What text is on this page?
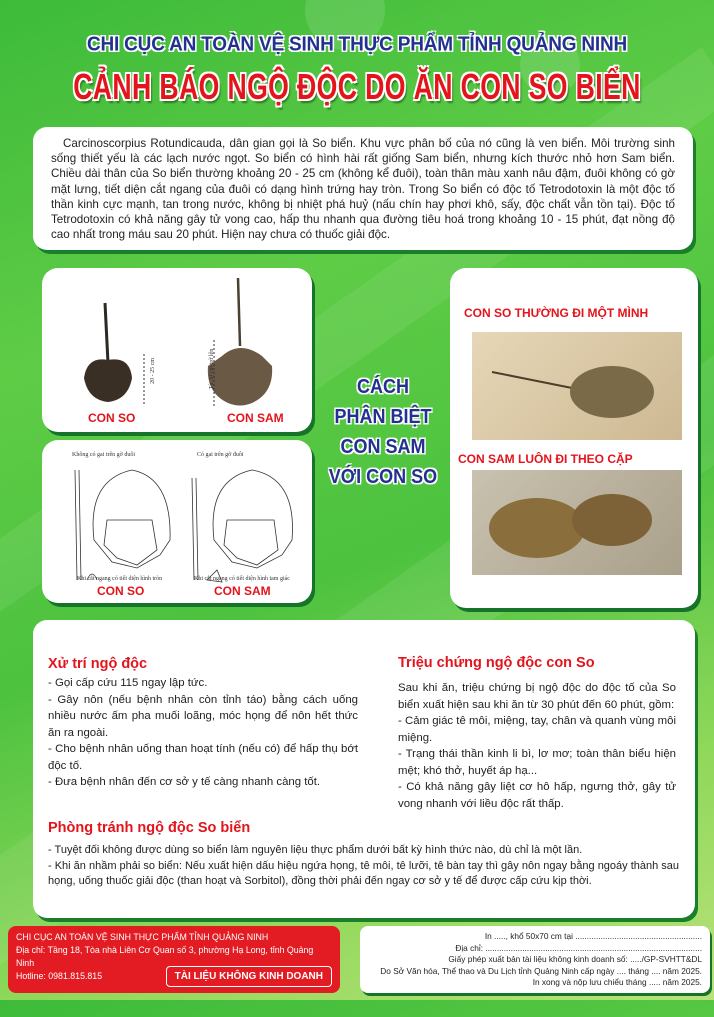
CHI CỤC AN TOÀN VỆ SINH THỰC PHẨM TỈNH QUẢNG NINH
CẢNH BÁO NGỘ ĐỘC DO ĂN CON SO BIỂN

Carcinoscorpius Rotundicauda, dân gian gọi là So biển. Khu vực phân bố của nó cũng là ven biển. Môi trường sinh sống thiết yếu là các lạch nước ngọt. So biển có hình hài rất giống Sam biển, nhưng kích thước nhỏ hơn Sam biển. Chiều dài thân của So biển thường khoảng 20 - 25 cm (không kể đuôi), toàn thân màu xanh nâu đậm, đuôi không có gờ mặt lưng, tiết diện cắt ngang của đuôi có dạng hình trứng hay tròn. Trong So biển có độc tố Tetrodotoxin là một độc tố thần kinh cực mạnh, tan trong nước, không bị nhiệt phá huỷ (nấu chín hay phơi khô, sấy, độc chất vẫn tồn tại). Độc tố Tetrodotoxin có khả năng gây tử vong cao, hấp thu nhanh qua đường tiêu hoá trong khoảng 10 - 15 phút, đạt nồng độ cao nhất trong máu sau 20 phút. Hiện nay chưa có thuốc giải độc.

20 - 25 cm	Từ 30 cm trở lên
CON SO	CON SAM
Không có gai trên gờ đuôi	Có gai trên gờ đuôi
Khi cắt ngang có tiết diện hình tròn	Khi cắt ngang có tiết diện hình tam giác
CON SO	CON SAM
CÁCH
PHÂN BIỆT
CON SAM
VỚI CON SO
CON SO THƯỜNG ĐI MỘT MÌNH
CON SAM LUÔN ĐI THEO CẶP
Xử trí ngộ độc
- Gọi cấp cứu 115 ngay lập tức.
- Gây nôn (nếu bệnh nhân còn tỉnh táo) bằng cách uống nhiều nước ấm pha muối loãng, móc họng để nôn hết thức ăn ra ngoài.
- Cho bệnh nhân uống than hoạt tính (nếu có) để hấp thụ bớt độc tố.
- Đưa bệnh nhân đến cơ sở y tế càng nhanh càng tốt.
Triệu chứng ngộ độc con So
Sau khi ăn, triệu chứng bị ngộ độc do độc tố của So biển xuất hiện sau khi ăn từ 30 phút đến 60 phút, gồm:
- Cảm giác tê môi, miệng, tay, chân và quanh vùng môi miệng.
- Trạng thái thần kinh li bì, lơ mơ; toàn thân biểu hiện mệt; khó thở, huyết áp hạ...
- Có khả năng gây liệt cơ hô hấp, ngưng thở, gây tử vong nhanh với liều độc rất thấp.
Phòng tránh ngộ độc So biển
- Tuyệt đối không được dùng so biển làm nguyên liệu thực phẩm dưới bất kỳ hình thức nào, dù chỉ là một lần.
- Khi ăn nhầm phải so biển: Nếu xuất hiện dấu hiệu ngứa họng, tê môi, tê lưỡi, tê bàn tay thì gây nôn ngay bằng ngoáy thành sau họng, uống thuốc giải độc (than hoạt và Sorbitol), đồng thời phải đến ngay cơ sở y tế để được cấp cứu kịp thời.
CHI CỤC AN TOÀN VỆ SINH THỰC PHẨM TỈNH QUẢNG NINH
Địa chỉ: Tầng 18, Tòa nhà Liên Cơ Quan số 3, phường Hạ Long, tỉnh Quảng Ninh
Hotline: 0981.815.815	TÀI LIỆU KHÔNG KINH DOANH
In ....., khổ 50x70 cm tại .......................................................
Địa chỉ: ..............................................................................................
Giấy phép xuất bản tài liệu không kinh doanh số: ...../GP-SVHTT&DL
Do Sở Văn hóa, Thể thao và Du Lịch tỉnh Quảng Ninh cấp ngày .... tháng .... năm 2025.
In xong và nộp lưu chiểu tháng ..... năm 2025.
